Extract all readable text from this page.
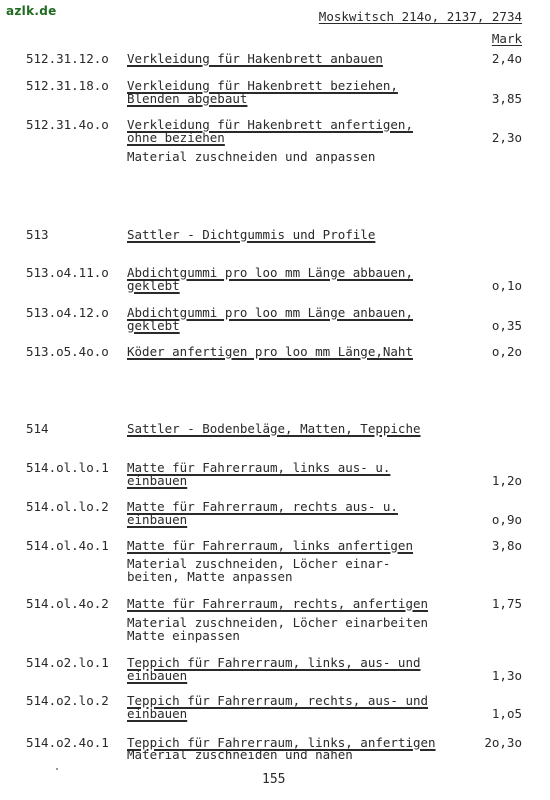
azlk.de	Moskwitsch 214o, 2137, 2734
Mark
512.31.12.o Verkleidung für Hakenbrett anbauen	2,4o
512.31.18.o Verkleidung für Hakenbrett beziehen,
Blenden abgebaut	3,85
512.31.4o.o Verkleidung für Hakenbrett anfertigen,
ohne beziehen	2,3o
Material zuschneiden und anpassen
513	Sattler - Dichtgummis und Profile
513.o4.11.o Abdichtgummi pro loo mm Länge abbauen,
geklebt	o,1o
513.o4.12.o Abdichtgummi pro loo mm Länge anbauen,
geklebt	o,35
513.o5.4o.o Köder anfertigen pro loo mm Länge,Naht	o,2o
514	Sattler - Bodenbeläge, Matten, Teppiche
514.ol.lo.1 Matte für Fahrerraum, links aus- u.
einbauen	1,2o
514.ol.lo.2 Matte für Fahrerraum, rechts aus- u.
einbauen	o,9o
514.ol.4o.1 Matte für Fahrerraum, links anfertigen	3,8o
Material zuschneiden, Löcher einar-
beiten, Matte anpassen
514.ol.4o.2 Matte für Fahrerraum, rechts, anfertigen	1,75
Material zuschneiden, Löcher einarbeiten
Matte einpassen
514.o2.lo.1 Teppich für Fahrerraum, links, aus- und
einbauen	1,3o
514.o2.lo.2 Teppich für Fahrerraum, rechts, aus- und
einbauen	1,o5
514.o2.4o.1 Teppich für Fahrerraum, links, anfertigen	2o,3o
Material zuschneiden und nähen
155
